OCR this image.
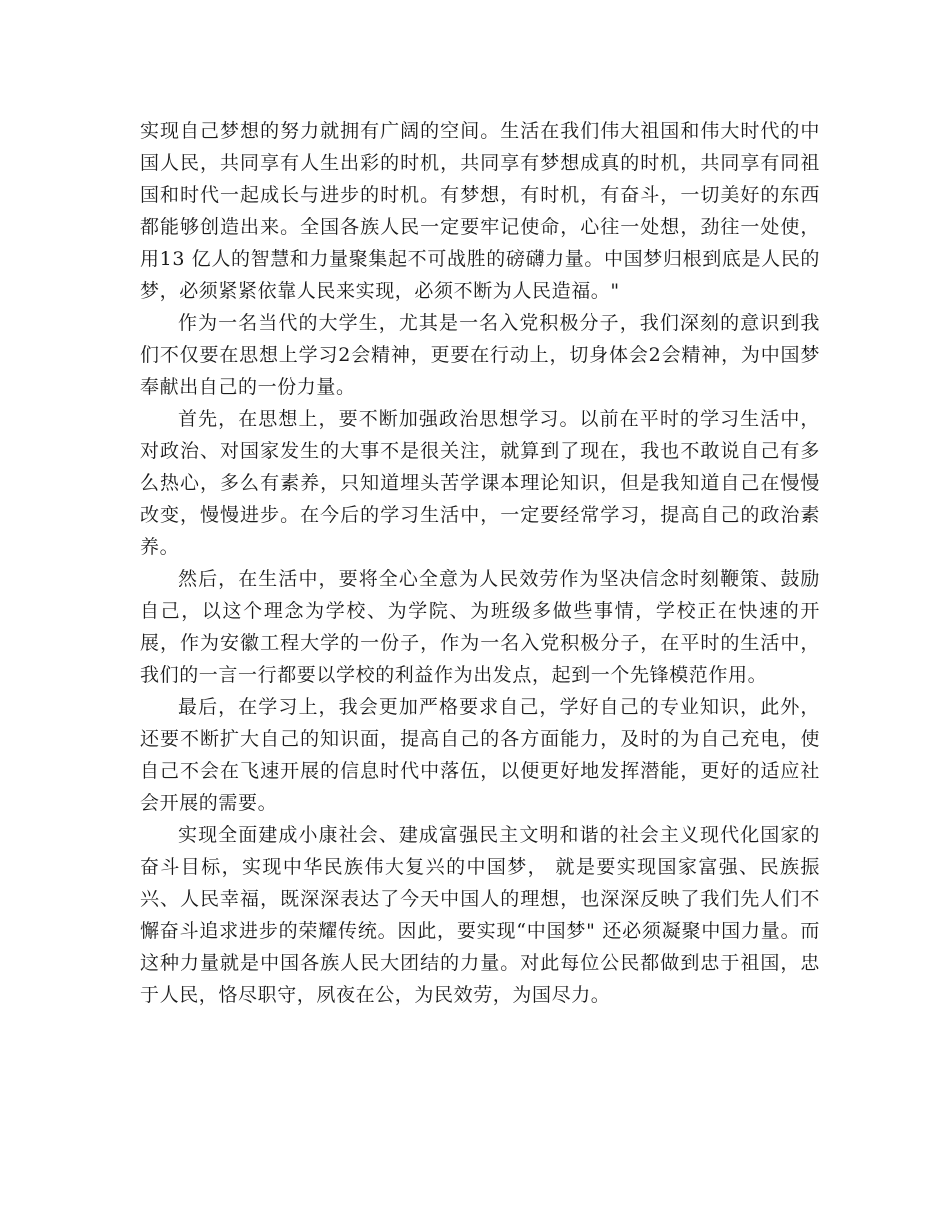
实现自己梦想的努力就拥有广阔的空间。生活在我们伟大祖国和伟大时代的中国人民，共同享有人生出彩的时机，共同享有梦想成真的时机，共同享有同祖国和时代一起成长与进步的时机。有梦想，有时机，有奋斗，一切美好的东西都能够创造出来。全国各族人民一定要牢记使命，心往一处想，劲往一处使，用13 亿人的智慧和力量聚集起不可战胜的磅礴力量。中国梦归根到底是人民的梦，必须紧紧依靠人民来实现，必须不断为人民造福。"

作为一名当代的大学生，尤其是一名入党积极分子，我们深刻的意识到我们不仅要在思想上学习2会精神，更要在行动上，切身体会2会精神，为中国梦奉献出自己的一份力量。

首先，在思想上，要不断加强政治思想学习。以前在平时的学习生活中，对政治、对国家发生的大事不是很关注，就算到了现在，我也不敢说自己有多么热心，多么有素养，只知道埋头苦学课本理论知识，但是我知道自己在慢慢改变，慢慢进步。在今后的学习生活中，一定要经常学习，提高自己的政治素养。

然后，在生活中，要将全心全意为人民效劳作为坚决信念时刻鞭策、鼓励自己，以这个理念为学校、为学院、为班级多做些事情，学校正在快速的开展，作为安徽工程大学的一份子，作为一名入党积极分子，在平时的生活中，我们的一言一行都要以学校的利益作为出发点，起到一个先锋模范作用。

最后，在学习上，我会更加严格要求自己，学好自己的专业知识，此外，还要不断扩大自己的知识面，提高自己的各方面能力，及时的为自己充电，使自己不会在飞速开展的信息时代中落伍，以便更好地发挥潜能，更好的适应社会开展的需要。

实现全面建成小康社会、建成富强民主文明和谐的社会主义现代化国家的奋斗目标，实现中华民族伟大复兴的中国梦， 就是要实现国家富强、民族振兴、人民幸福，既深深表达了今天中国人的理想，也深深反映了我们先人们不懈奋斗追求进步的荣耀传统。因此，要实现“中国梦" 还必须凝聚中国力量。而这种力量就是中国各族人民大团结的力量。对此每位公民都做到忠于祖国，忠于人民，恪尽职守，夙夜在公，为民效劳，为国尽力。
